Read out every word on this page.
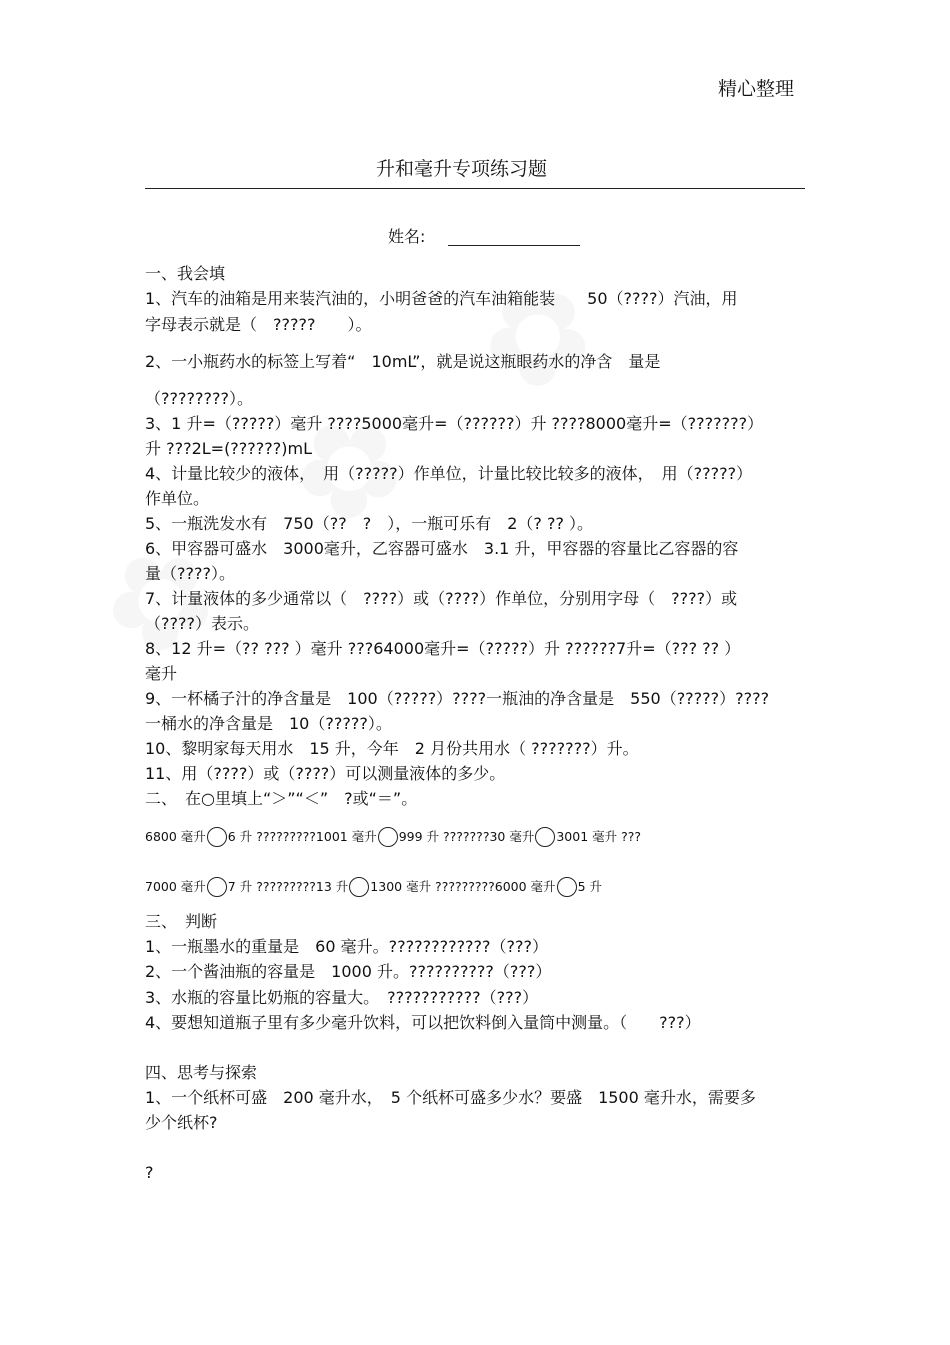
精心整理
升和毫升专项练习题
姓名:
一、我会填
1、汽车的油箱是用来装汽油的，小明爸爸的汽车油箱能装　　50（????）汽油，用
字母表示就是（　?????　　）。
2、一小瓶药水的标签上写着“　10mL”，就是说这瓶眼药水的净含　量是
（????????）。
3、1 升=（?????）毫升 ????5000毫升=（??????）升 ????8000毫升=（???????）
升 ???2L=(??????)mL
4、计量比较少的液体，　用（?????）作单位，计量比较比较多的液体，　用（?????）
作单位。
5、一瓶洗发水有　750（??　?　），一瓶可乐有　2（? ?? ）。
6、甲容器可盛水　3000毫升，乙容器可盛水　3.1 升，甲容器的容量比乙容器的容
量（????）。
7、计量液体的多少通常以（　????）或（????）作单位，分别用字母（　????）或
（????）表示。
8、12 升=（?? ??? ）毫升 ???64000毫升=（?????）升 ??????7升=（??? ?? ）
毫升
9、一杯橘子汁的净含量是　100（?????）????一瓶油的净含量是　550（?????）????
一桶水的净含量是　10（?????）。
10、黎明家每天用水　15 升，今年　2 月份共用水（ ???????）升。
11、用（????）或（????）可以测量液体的多少。
二、　在○里填上“＞”“＜”　?或“＝”。
6800 毫升 6 升 ?????????1001 毫升 999 升 ???????30 毫升 3001 毫升 ???
7000 毫升 7 升 ?????????13 升 1300 毫升 ?????????6000 毫升 5 升
三、　判断
1、一瓶墨水的重量是　60 毫升。????????????（???）
2、一个酱油瓶的容量是　1000 升。??????????（???）
3、水瓶的容量比奶瓶的容量大。　???????????（???）
4、要想知道瓶子里有多少毫升饮料，可以把饮料倒入量筒中测量。（　　???）
四、思考与探索
1、一个纸杯可盛　200 毫升水，　5 个纸杯可盛多少水？要盛　1500 毫升水，需要多
少个纸杯?
?
